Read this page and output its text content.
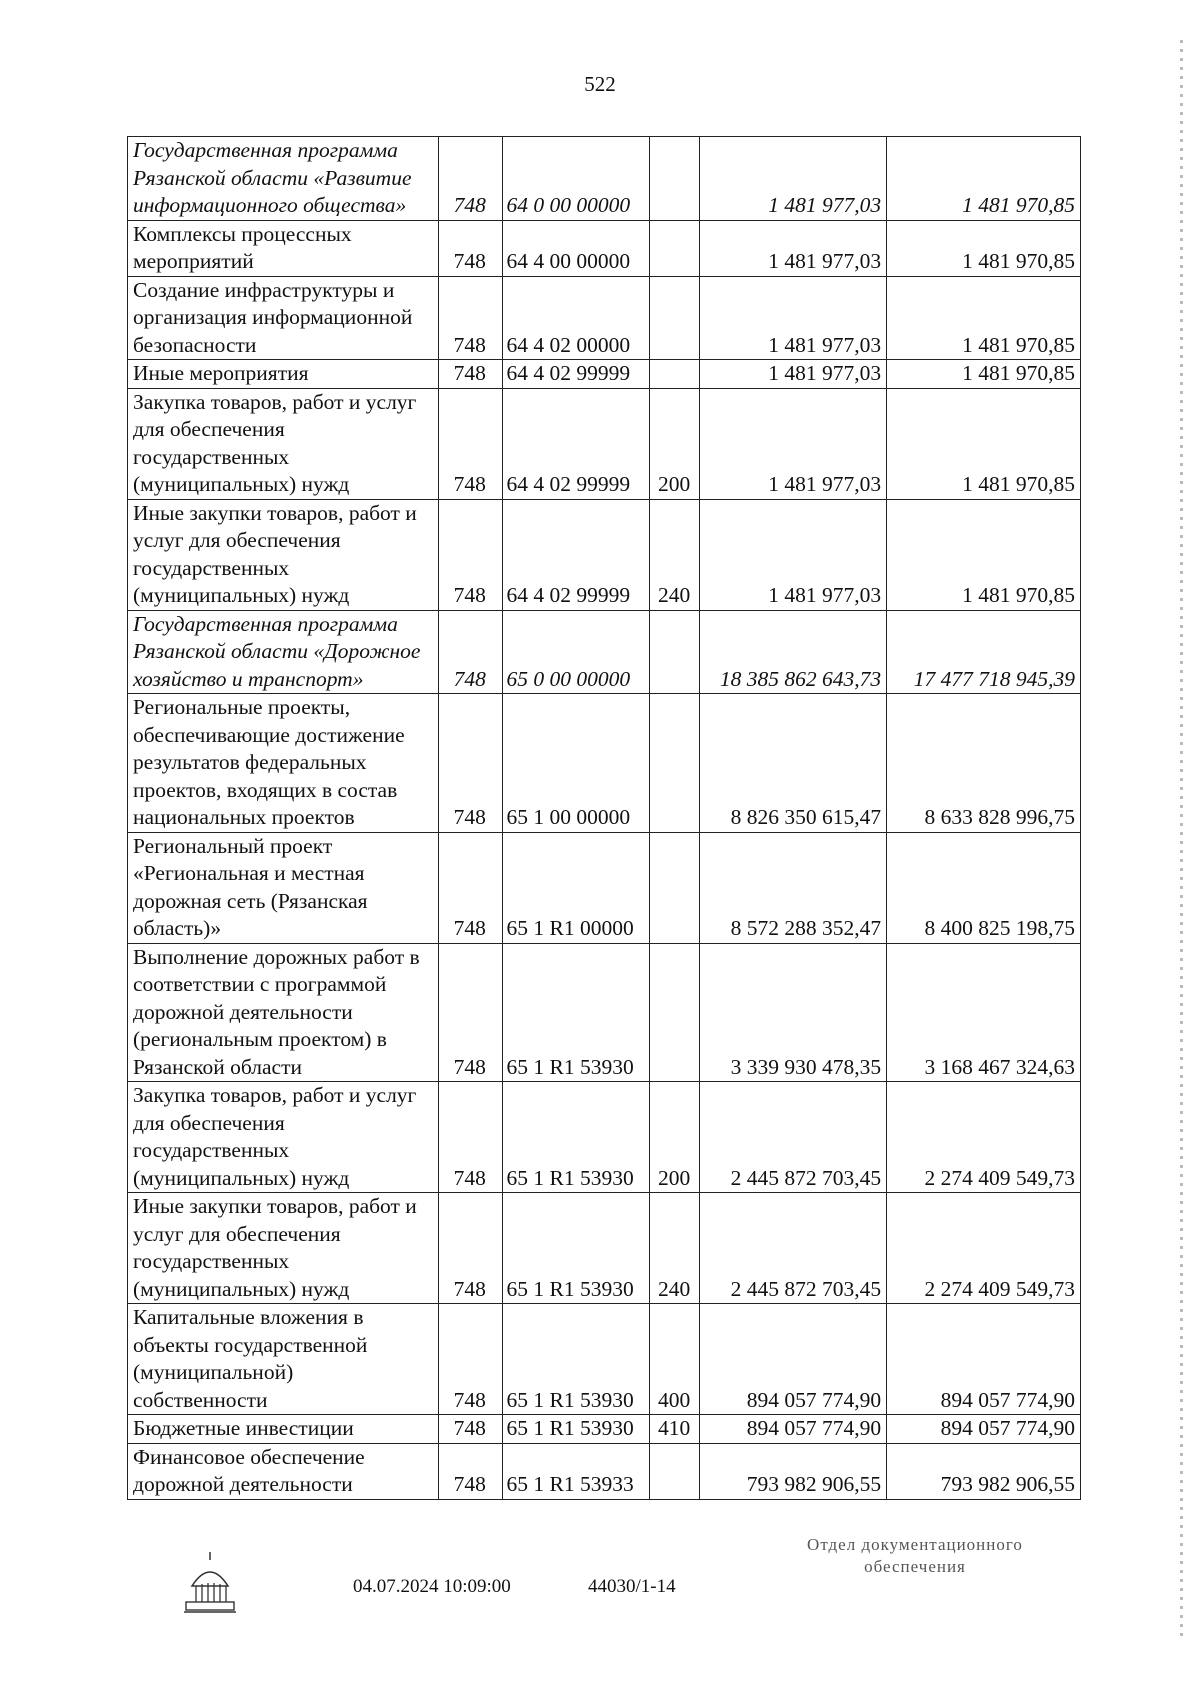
522
Государственная программа Рязанской области «Развитие информационного общества»	748	64 0 00 00000		1 481 977,03	1 481 970,85
Комплексы процессных мероприятий	748	64 4 00 00000		1 481 977,03	1 481 970,85
Создание инфраструктуры и организация информационной безопасности	748	64 4 02 00000		1 481 977,03	1 481 970,85
Иные мероприятия	748	64 4 02 99999		1 481 977,03	1 481 970,85
Закупка товаров, работ и услуг для обеспечения государственных (муниципальных) нужд	748	64 4 02 99999	200	1 481 977,03	1 481 970,85
Иные закупки товаров, работ и услуг для обеспечения государственных (муниципальных) нужд	748	64 4 02 99999	240	1 481 977,03	1 481 970,85
Государственная программа Рязанской области «Дорожное хозяйство и транспорт»	748	65 0 00 00000		18 385 862 643,73	17 477 718 945,39
Региональные проекты, обеспечивающие достижение результатов федеральных проектов, входящих в состав национальных проектов	748	65 1 00 00000		8 826 350 615,47	8 633 828 996,75
Региональный проект «Региональная и местная дорожная сеть (Рязанская область)»	748	65 1 R1 00000		8 572 288 352,47	8 400 825 198,75
Выполнение дорожных работ в соответствии с программой дорожной деятельности (региональным проектом) в Рязанской области	748	65 1 R1 53930		3 339 930 478,35	3 168 467 324,63
Закупка товаров, работ и услуг для обеспечения государственных (муниципальных) нужд	748	65 1 R1 53930	200	2 445 872 703,45	2 274 409 549,73
Иные закупки товаров, работ и услуг для обеспечения государственных (муниципальных) нужд	748	65 1 R1 53930	240	2 445 872 703,45	2 274 409 549,73
Капитальные вложения в объекты государственной (муниципальной) собственности	748	65 1 R1 53930	400	894 057 774,90	894 057 774,90
Бюджетные инвестиции	748	65 1 R1 53930	410	894 057 774,90	894 057 774,90
Финансовое обеспечение дорожной деятельности	748	65 1 R1 53933		793 982 906,55	793 982 906,55
04.07.2024 10:09:00	44030/1-14
Отдел документационного
обеспечения
